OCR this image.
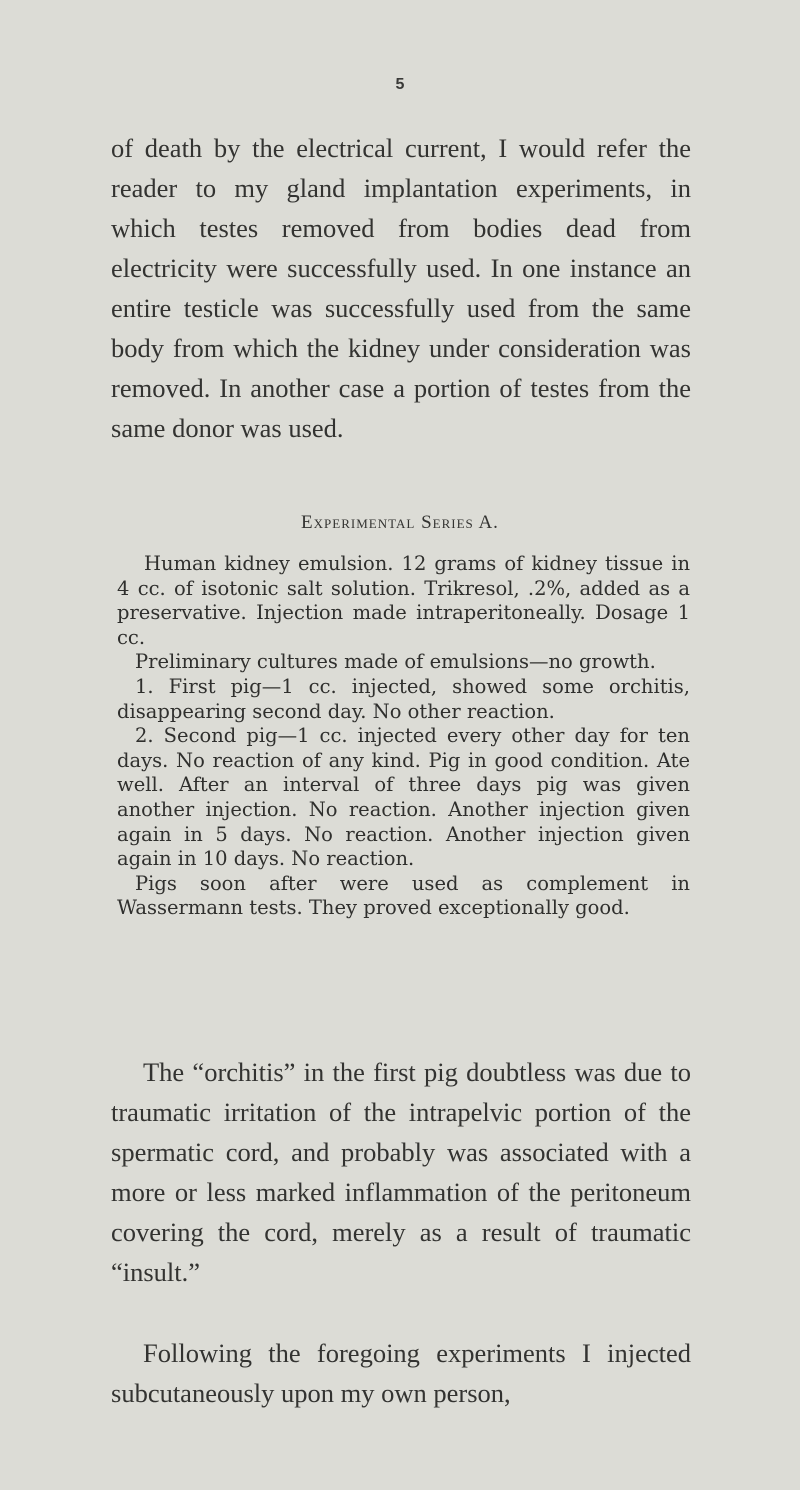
5

of death by the electrical current, I would refer the reader to my gland implantation experiments, in which testes removed from bodies dead from electricity were successfully used. In one instance an entire testicle was successfully used from the same body from which the kidney under consideration was removed. In another case a portion of testes from the same donor was used.

Experimental Series A.

Human kidney emulsion. 12 grams of kidney tissue in 4 cc. of isotonic salt solution. Trikresol, .2%, added as a preservative. Injection made intraperitoneally. Dosage 1 cc.

Preliminary cultures made of emulsions—no growth.

1. First pig—1 cc. injected, showed some orchitis, disappearing second day. No other reaction.

2. Second pig—1 cc. injected every other day for ten days. No reaction of any kind. Pig in good condition. Ate well. After an interval of three days pig was given another injection. No reaction. Another injection given again in 5 days. No reaction. Another injection given again in 10 days. No reaction.

Pigs soon after were used as complement in Wassermann tests. They proved exceptionally good.

The “orchitis” in the first pig doubtless was due to traumatic irritation of the intrapelvic portion of the spermatic cord, and probably was associated with a more or less marked inflammation of the peritoneum covering the cord, merely as a result of traumatic “insult.”

Following the foregoing experiments I injected subcutaneously upon my own person,
